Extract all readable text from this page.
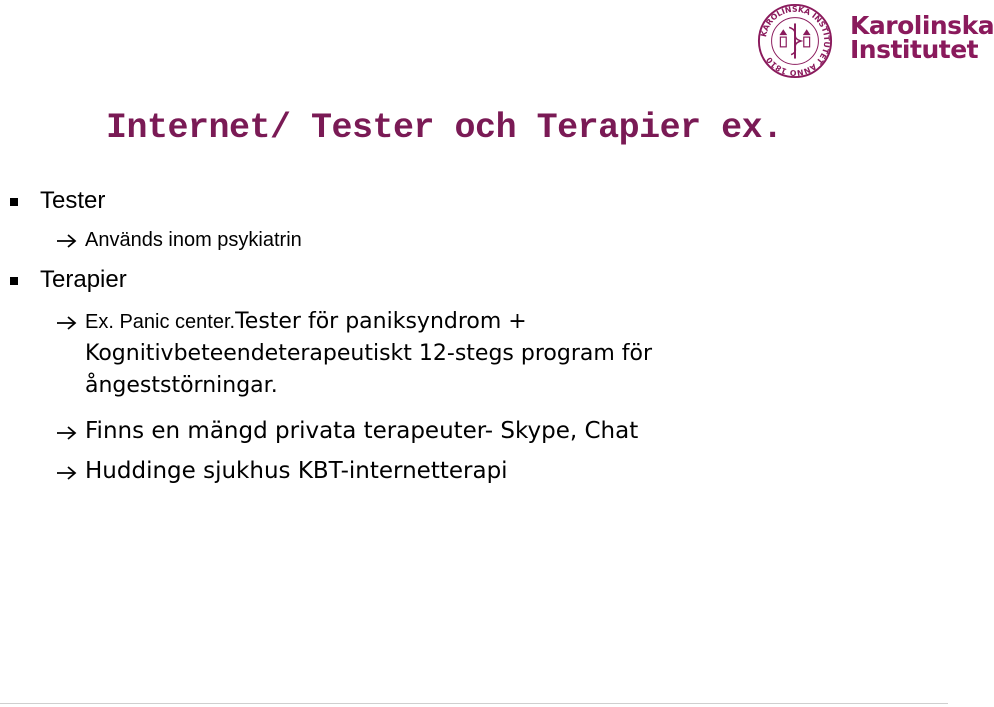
KAROLINSKA INSTITUTET ANNO 1810
Karolinska
Institutet
Internet/ Tester och Terapier ex.
Tester
Används inom psykiatrin
Terapier
Ex. Panic center.Tester för paniksyndrom +
Kognitivbeteendeterapeutiskt 12-stegs program för
ångeststörningar.
Finns en mängd privata terapeuter- Skype, Chat
Huddinge sjukhus KBT-internetterapi
